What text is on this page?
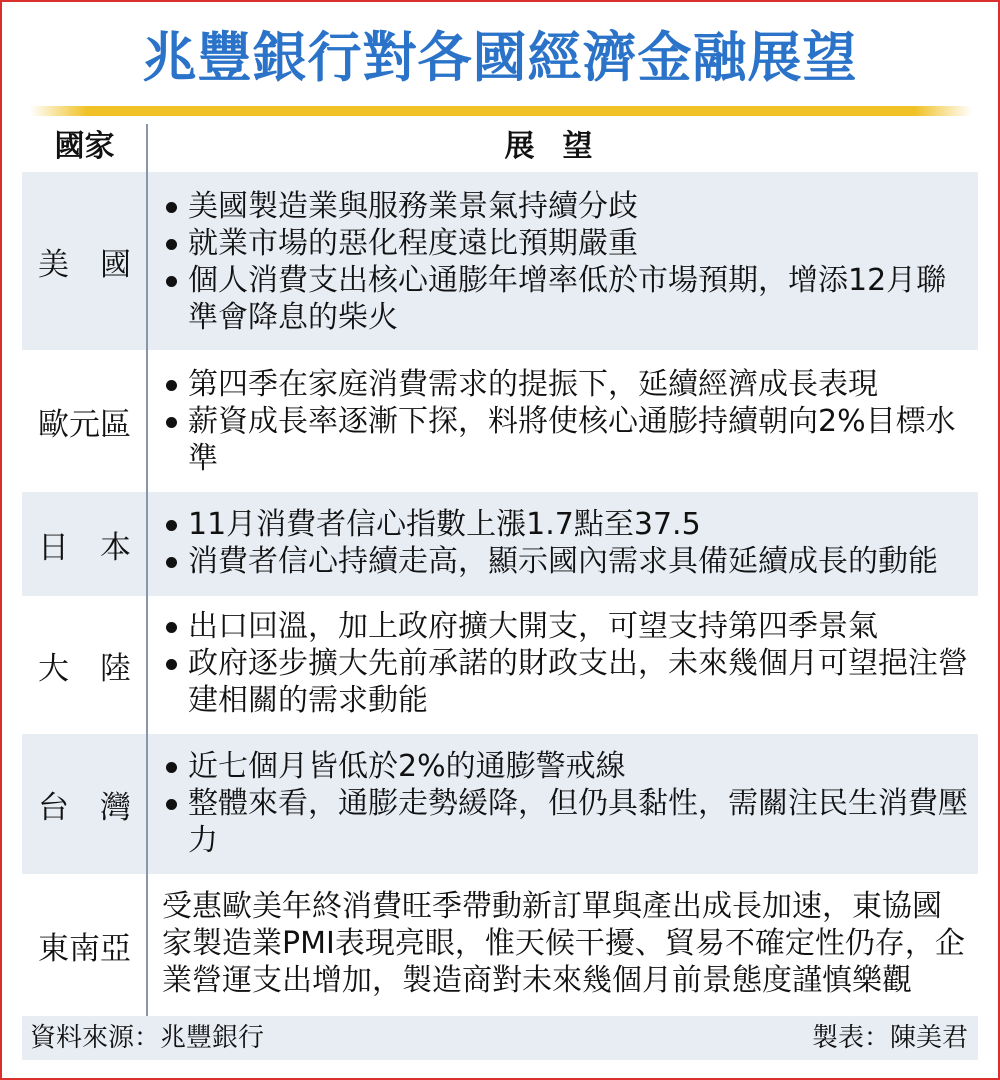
兆豐銀行對各國經濟金融展望
國家	展望
美　國
美國製造業與服務業景氣持續分歧
就業市場的惡化程度遠比預期嚴重
個人消費支出核心通膨年增率低於市場預期，增添12月聯準會降息的柴火
歐元區
第四季在家庭消費需求的提振下，延續經濟成長表現
薪資成長率逐漸下探，料將使核心通膨持續朝向2%目標水準
日　本
11月消費者信心指數上漲1.7點至37.5
消費者信心持續走高，顯示國內需求具備延續成長的動能
大　陸
出口回溫，加上政府擴大開支，可望支持第四季景氣
政府逐步擴大先前承諾的財政支出，未來幾個月可望挹注營建相關的需求動能
台　灣
近七個月皆低於2%的通膨警戒線
整體來看，通膨走勢緩降，但仍具黏性，需關注民生消費壓力
東南亞
受惠歐美年終消費旺季帶動新訂單與產出成長加速，東協國家製造業PMI表現亮眼，惟天候干擾、貿易不確定性仍存，企業營運支出增加，製造商對未來幾個月前景態度謹慎樂觀
資料來源：兆豐銀行	製表：陳美君
